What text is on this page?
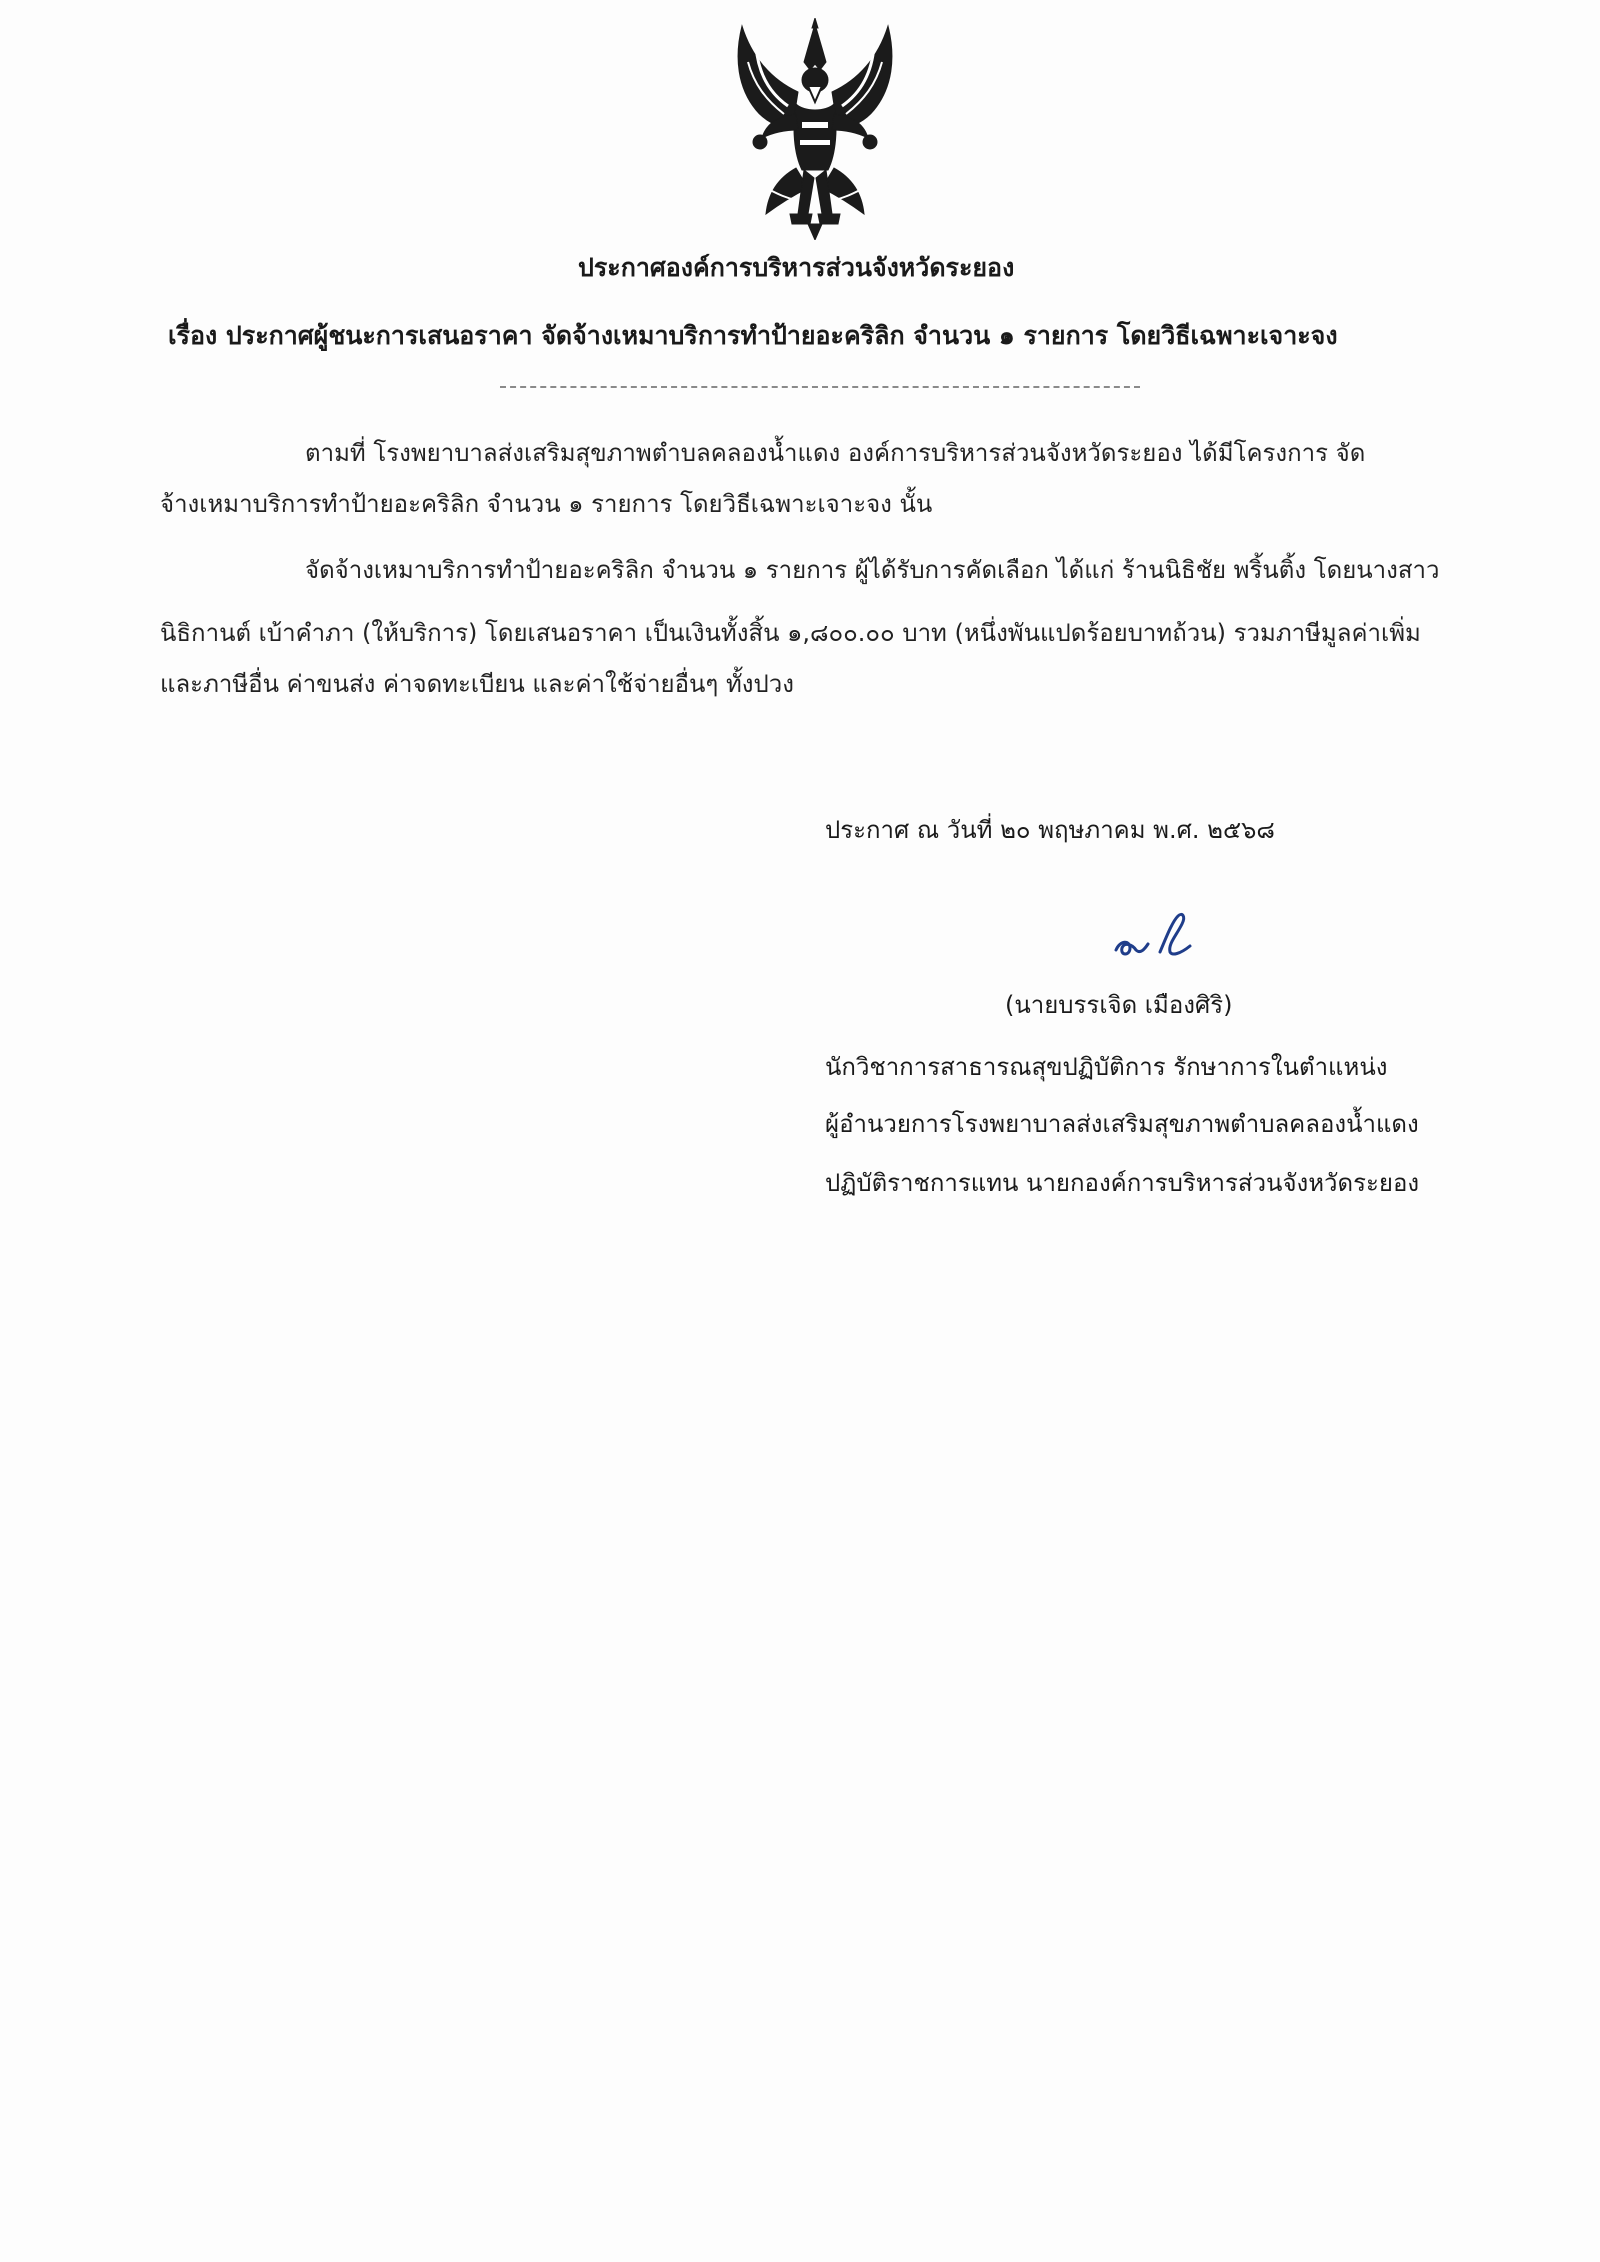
ประกาศองค์การบริหารส่วนจังหวัดระยอง
เรื่อง ประกาศผู้ชนะการเสนอราคา จัดจ้างเหมาบริการทำป้ายอะคริลิก จำนวน ๑ รายการ โดยวิธีเฉพาะเจาะจง
ตามที่ โรงพยาบาลส่งเสริมสุขภาพตำบลคลองน้ำแดง องค์การบริหารส่วนจังหวัดระยอง ได้มีโครงการ จัด
จ้างเหมาบริการทำป้ายอะคริลิก จำนวน ๑ รายการ โดยวิธีเฉพาะเจาะจง นั้น
จัดจ้างเหมาบริการทำป้ายอะคริลิก จำนวน ๑ รายการ ผู้ได้รับการคัดเลือก ได้แก่ ร้านนิธิชัย พริ้นติ้ง โดยนางสาว
นิธิกานต์ เบ้าคำภา (ให้บริการ) โดยเสนอราคา เป็นเงินทั้งสิ้น ๑,๘๐๐.๐๐ บาท (หนึ่งพันแปดร้อยบาทถ้วน) รวมภาษีมูลค่าเพิ่ม
และภาษีอื่น ค่าขนส่ง ค่าจดทะเบียน และค่าใช้จ่ายอื่นๆ ทั้งปวง
ประกาศ ณ วันที่ ๒๐ พฤษภาคม พ.ศ. ๒๕๖๘
(นายบรรเจิด เมืองศิริ)
นักวิชาการสาธารณสุขปฏิบัติการ รักษาการในตำแหน่ง
ผู้อำนวยการโรงพยาบาลส่งเสริมสุขภาพตำบลคลองน้ำแดง
ปฏิบัติราชการแทน นายกองค์การบริหารส่วนจังหวัดระยอง
